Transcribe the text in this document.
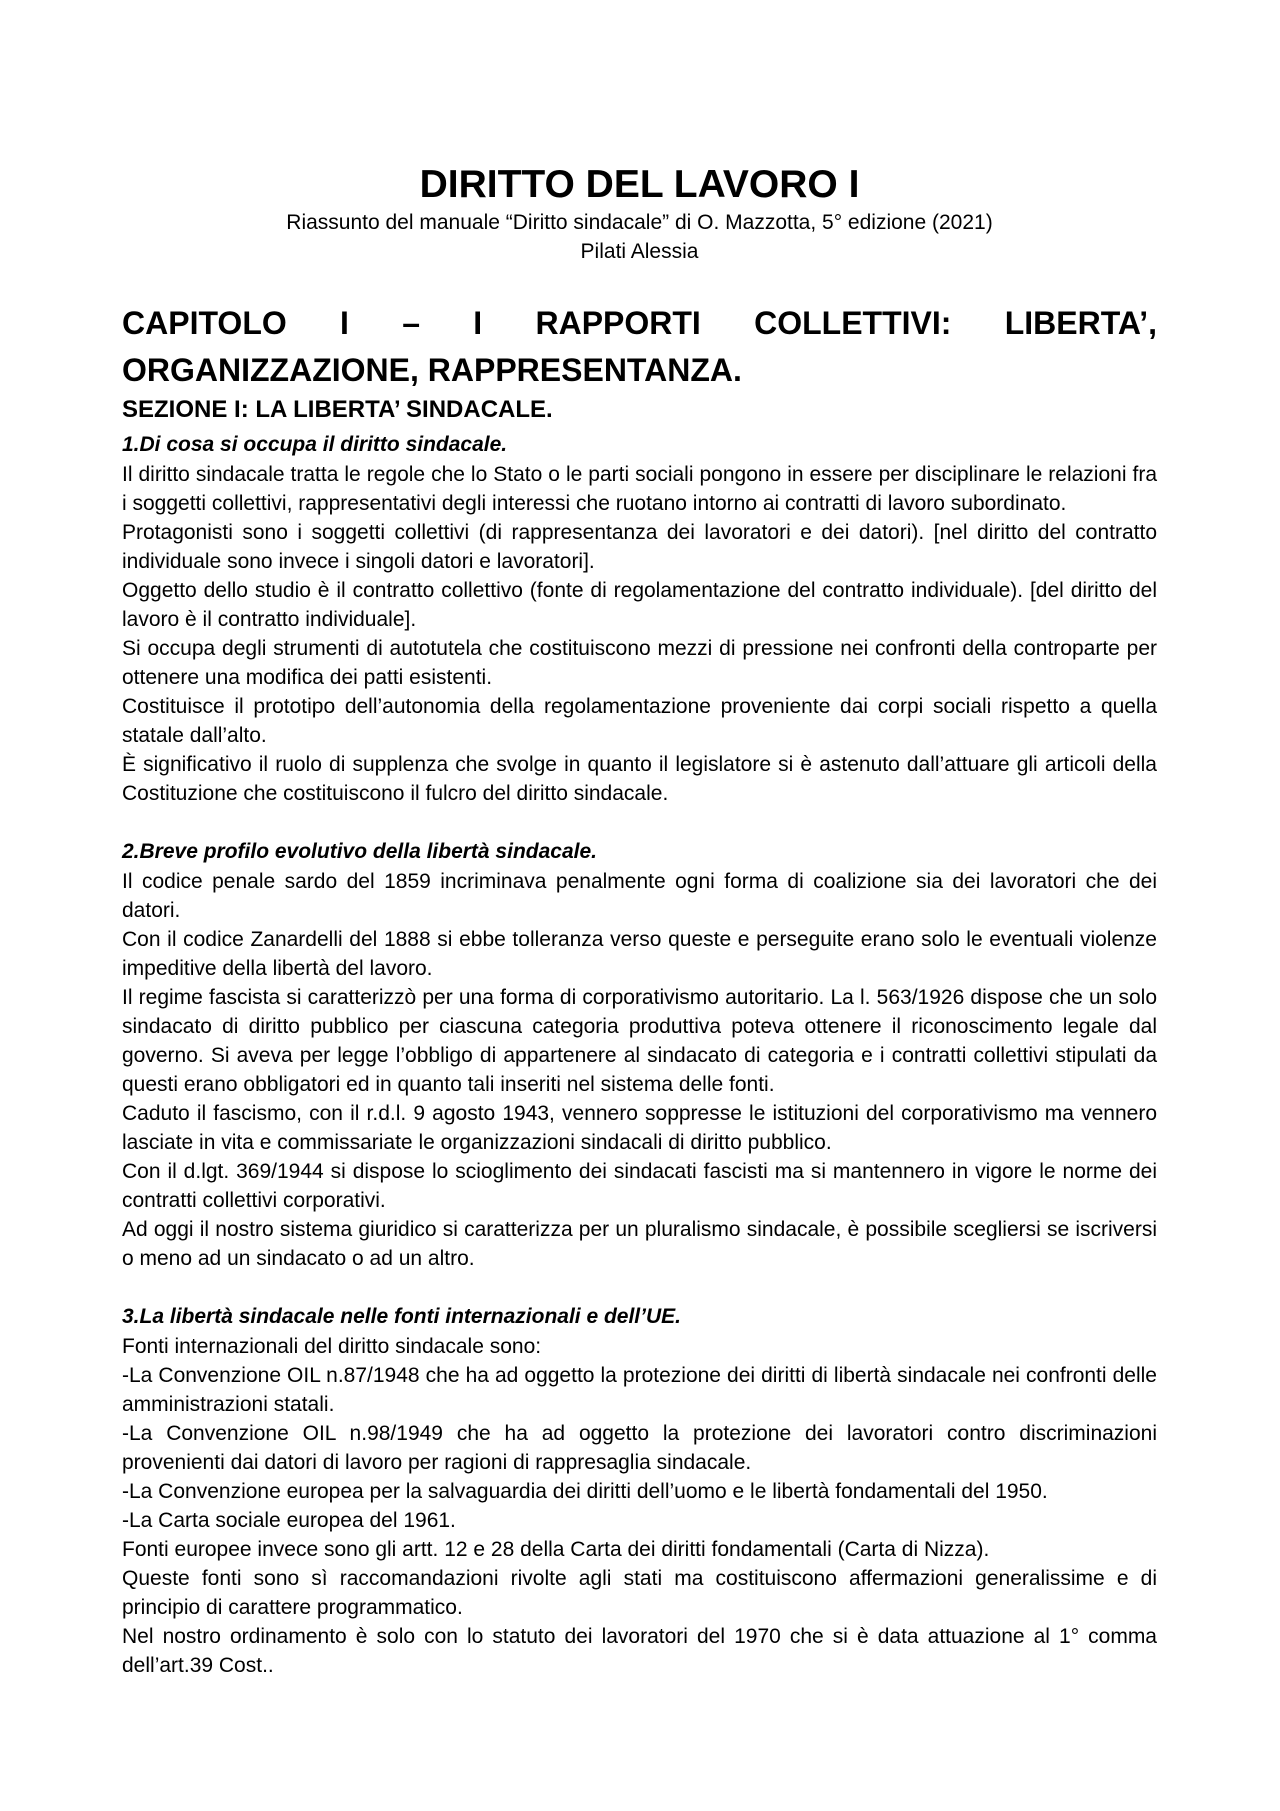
DIRITTO DEL LAVORO I

Riassunto del manuale “Diritto sindacale” di O. Mazzotta, 5° edizione (2021)

Pilati Alessia

CAPITOLO I – I RAPPORTI COLLETTIVI: LIBERTA’, ORGANIZZAZIONE, RAPPRESENTANZA.
SEZIONE I: LA LIBERTA’ SINDACALE.
1.Di cosa si occupa il diritto sindacale.

Il diritto sindacale tratta le regole che lo Stato o le parti sociali pongono in essere per disciplinare le relazioni fra i soggetti collettivi, rappresentativi degli interessi che ruotano intorno ai contratti di lavoro subordinato.

Protagonisti sono i soggetti collettivi (di rappresentanza dei lavoratori e dei datori). [nel diritto del contratto individuale sono invece i singoli datori e lavoratori].

Oggetto dello studio è il contratto collettivo (fonte di regolamentazione del contratto individuale). [del diritto del lavoro è il contratto individuale].

Si occupa degli strumenti di autotutela che costituiscono mezzi di pressione nei confronti della controparte per ottenere una modifica dei patti esistenti.

Costituisce il prototipo dell’autonomia della regolamentazione proveniente dai corpi sociali rispetto a quella statale dall’alto.

È significativo il ruolo di supplenza che svolge in quanto il legislatore si è astenuto dall’attuare gli articoli della Costituzione che costituiscono il fulcro del diritto sindacale.

2.Breve profilo evolutivo della libertà sindacale.

Il codice penale sardo del 1859 incriminava penalmente ogni forma di coalizione sia dei lavoratori che dei datori.

Con il codice Zanardelli del 1888 si ebbe tolleranza verso queste e perseguite erano solo le eventuali violenze impeditive della libertà del lavoro.

Il regime fascista si caratterizzò per una forma di corporativismo autoritario. La l. 563/1926 dispose che un solo sindacato di diritto pubblico per ciascuna categoria produttiva poteva ottenere il riconoscimento legale dal governo. Si aveva per legge l’obbligo di appartenere al sindacato di categoria e i contratti collettivi stipulati da questi erano obbligatori ed in quanto tali inseriti nel sistema delle fonti.

Caduto il fascismo, con il r.d.l. 9 agosto 1943, vennero soppresse le istituzioni del corporativismo ma vennero lasciate in vita e commissariate le organizzazioni sindacali di diritto pubblico.

Con il d.lgt. 369/1944 si dispose lo scioglimento dei sindacati fascisti ma si mantennero in vigore le norme dei contratti collettivi corporativi.

Ad oggi il nostro sistema giuridico si caratterizza per un pluralismo sindacale, è possibile scegliersi se iscriversi o meno ad un sindacato o ad un altro.

3.La libertà sindacale nelle fonti internazionali e dell’UE.

Fonti internazionali del diritto sindacale sono:

-La Convenzione OIL n.87/1948 che ha ad oggetto la protezione dei diritti di libertà sindacale nei confronti delle amministrazioni statali.

-La Convenzione OIL n.98/1949 che ha ad oggetto la protezione dei lavoratori contro discriminazioni provenienti dai datori di lavoro per ragioni di rappresaglia sindacale.

-La Convenzione europea per la salvaguardia dei diritti dell’uomo e le libertà fondamentali del 1950.

-La Carta sociale europea del 1961.

Fonti europee invece sono gli artt. 12 e 28 della Carta dei diritti fondamentali (Carta di Nizza).

Queste fonti sono sì raccomandazioni rivolte agli stati ma costituiscono affermazioni generalissime e di principio di carattere programmatico.

Nel nostro ordinamento è solo con lo statuto dei lavoratori del 1970 che si è data attuazione al 1° comma dell’art.39 Cost..
